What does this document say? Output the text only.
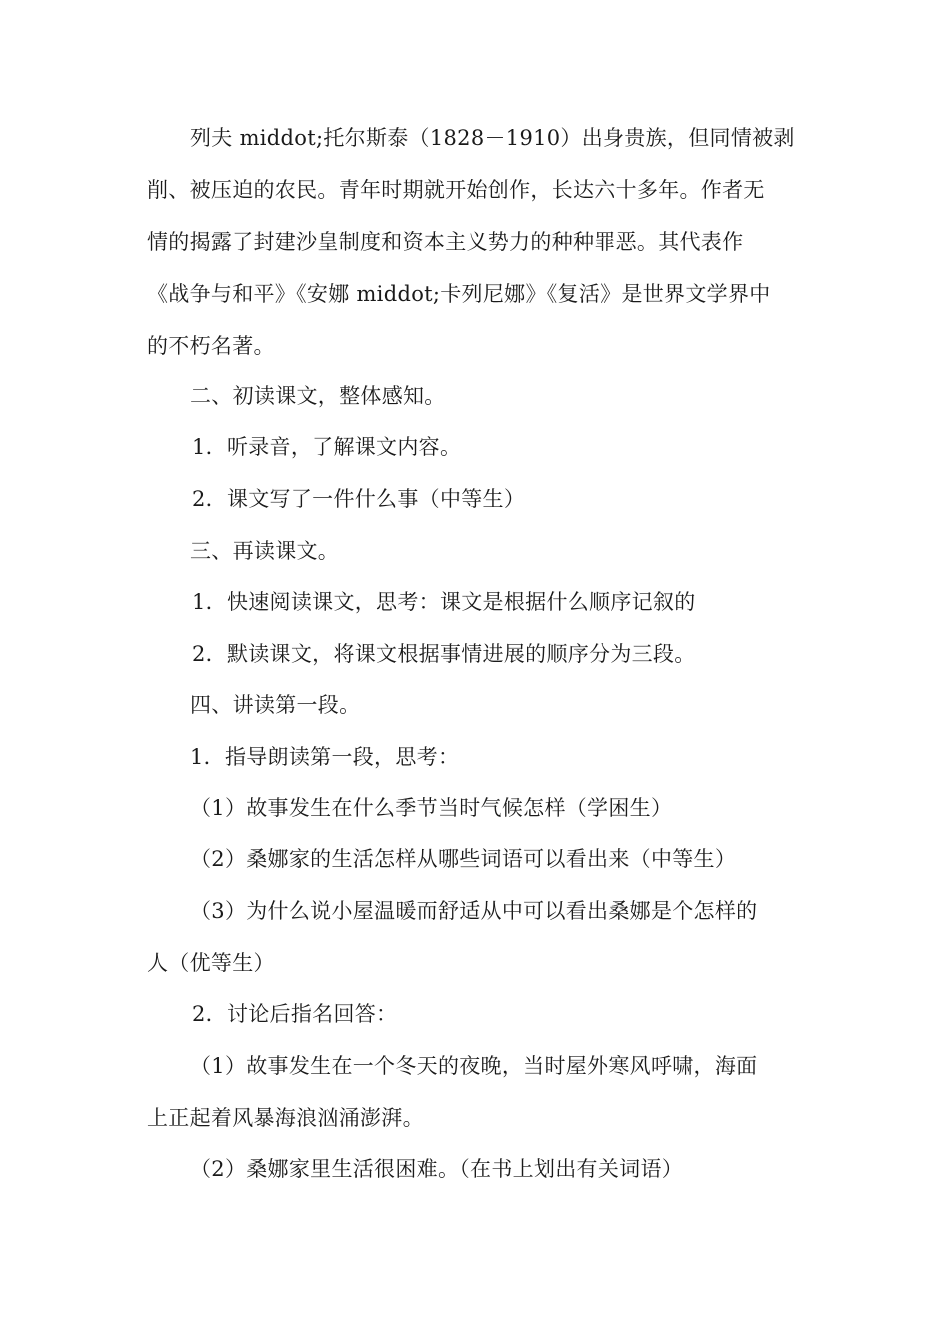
列夫 middot;托尔斯泰（1828－1910）出身贵族，但同情被剥
削、被压迫的农民。青年时期就开始创作，长达六十多年。作者无
情的揭露了封建沙皇制度和资本主义势力的种种罪恶。其代表作
《战争与和平》《安娜 middot;卡列尼娜》《复活》是世界文学界中
的不朽名著。
二、初读课文，整体感知。
1．听录音，了解课文内容。
2．课文写了一件什么事（中等生）
三、再读课文。
1．快速阅读课文，思考：课文是根据什么顺序记叙的
2．默读课文，将课文根据事情进展的顺序分为三段。
四、讲读第一段。
1．指导朗读第一段，思考：
（1）故事发生在什么季节当时气候怎样（学困生）
（2）桑娜家的生活怎样从哪些词语可以看出来（中等生）
（3）为什么说小屋温暖而舒适从中可以看出桑娜是个怎样的
人（优等生）
2．讨论后指名回答：
（1）故事发生在一个冬天的夜晚，当时屋外寒风呼啸，海面
上正起着风暴海浪汹涌澎湃。
（2）桑娜家里生活很困难。（在书上划出有关词语）
